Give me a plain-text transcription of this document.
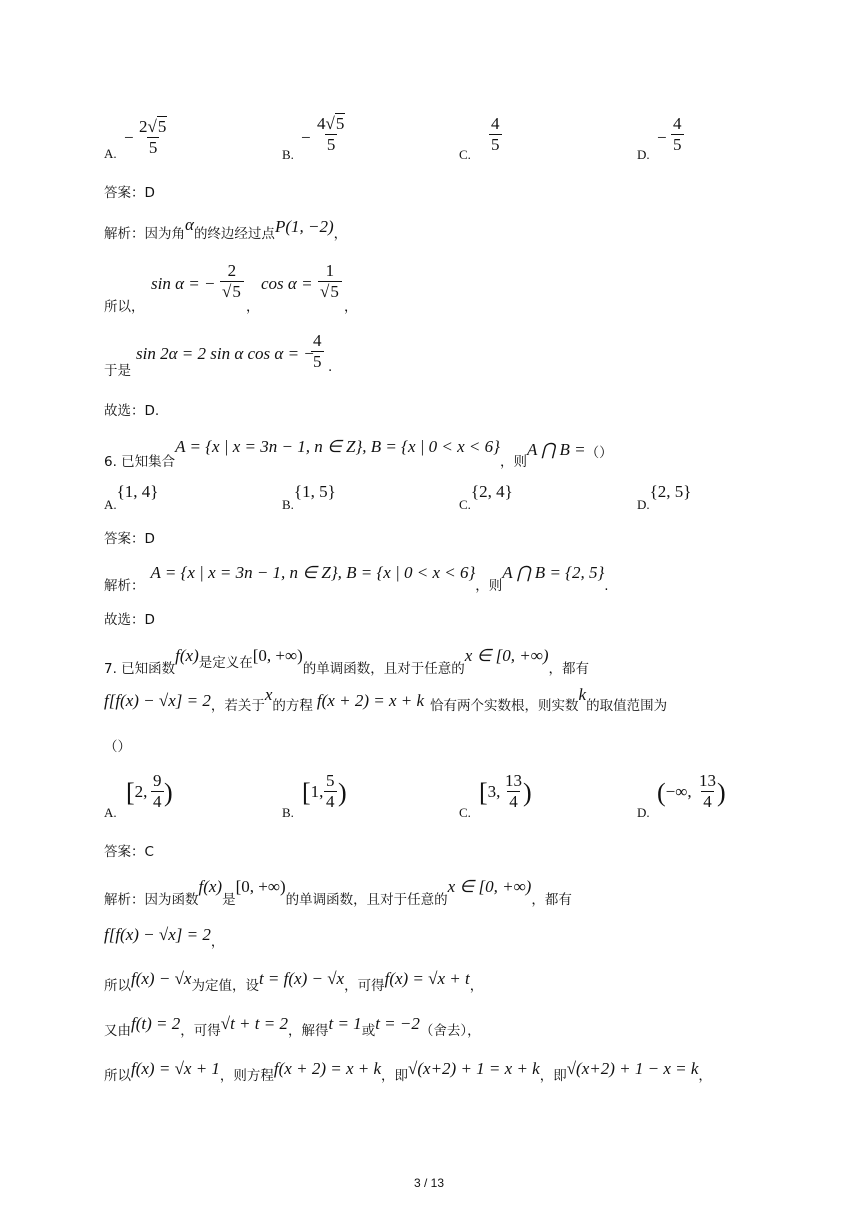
A.
− $\frac{2√5}{5}$	B.
− $\frac{4√5}{5}$
C.
$\frac{4}{5}$
D.
− $\frac{4}{5}$
答案：D
解析：因为角α的终边经过点P(1, −2)，
所以，
sin α = − $\frac{2}{√5}$
，
$\cos \alpha = \frac{1}{√5}$
，
于是
sin 2α = 2 sin α cos α = −
$\frac{4}{5}$ .
故选：D.
$_{6. 已知集合}$A = {x | x = 3n − 1, n ∈ Z}, B = {x | $0 < x < 6\}_{,则}A$ ⋂ $B =_{()}$
$_{A.}${1, 4}
$_{B.}${1, 5}
$_{C.}${2, 4}
$_{D.}${2, 5}
答案：D
$_{解析:}$A = {x | x = 3n − 1, n ∈ Z}, B = {x | $0 < x < 6\}_{,则}A$ ⋂ B = {2, $5\}_.$
故选：D
$_{7. 已知函数}f(x)_{是定义在}[0$, $+\infty)_{的单调函数,且对于任意的}x$ ∈ [0, $+\infty)_{,都有}$
$f[f(x) - √x] = 2_{,若关于}x_{的方程}$ f(x + 2) = x + k $_{恰有两个实数根,则实数}k_{的取值范围为}$
（）
A.
[2, $\frac{9}{4}$ )
B.
[1, $\frac{5}{4}$ )
C.
[3, $\frac{13}{4}$ )
D.
(−∞, $\frac{13}{4}$ )
答案：C
$_{解析:因为函数}f(x)_是[0$, $+\infty)_{的单调函数,且对于任意的}x$ ∈ [0, $+\infty)_{,都有}$
$f[f(x) - √x] = 2_,$
$_{所以}f(x) - √x_{为定值,设}t = f(x) - √x_{,可得}f(x) = √x + t_,$
$_{又由}f(t) = 2_{,可得}√t + t = 2_{,解得}t = 1_或t = -2_{(舍去),}$
$_{所以}f(x) = √x + 1_{,则方程}f(x + 2) = x + k_{,即}√(x+2) + 1 = x + k_{,即}√(x+2) + 1 - x = k_,$
3 / 13
